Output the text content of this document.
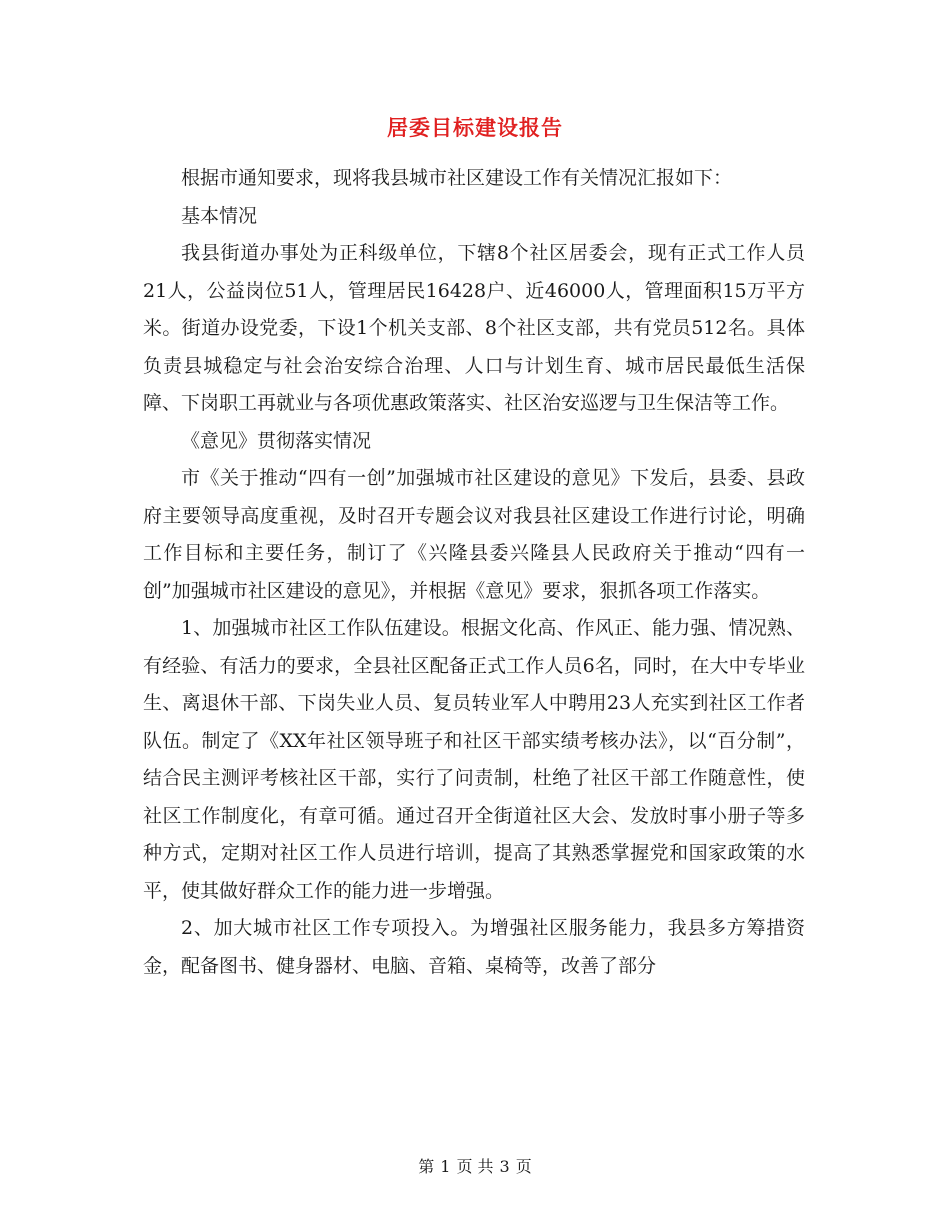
居委目标建设报告

根据市通知要求，现将我县城市社区建设工作有关情况汇报如下：

基本情况

我县街道办事处为正科级单位，下辖8个社区居委会，现有正式工作人员21人，公益岗位51人，管理居民16428户、近46000人，管理面积15万平方米。街道办设党委，下设1个机关支部、8个社区支部，共有党员512名。具体负责县城稳定与社会治安综合治理、人口与计划生育、城市居民最低生活保障、下岗职工再就业与各项优惠政策落实、社区治安巡逻与卫生保洁等工作。

《意见》贯彻落实情况

市《关于推动“四有一创”加强城市社区建设的意见》下发后，县委、县政府主要领导高度重视，及时召开专题会议对我县社区建设工作进行讨论，明确工作目标和主要任务，制订了《兴隆县委兴隆县人民政府关于推动“四有一创”加强城市社区建设的意见》，并根据《意见》要求，狠抓各项工作落实。

1、加强城市社区工作队伍建设。根据文化高、作风正、能力强、情况熟、有经验、有活力的要求，全县社区配备正式工作人员6名，同时，在大中专毕业生、离退休干部、下岗失业人员、复员转业军人中聘用23人充实到社区工作者队伍。制定了《XX年社区领导班子和社区干部实绩考核办法》，以“百分制”，结合民主测评考核社区干部，实行了问责制，杜绝了社区干部工作随意性，使社区工作制度化，有章可循。通过召开全街道社区大会、发放时事小册子等多种方式，定期对社区工作人员进行培训，提高了其熟悉掌握党和国家政策的水平，使其做好群众工作的能力进一步增强。

2、加大城市社区工作专项投入。为增强社区服务能力，我县多方筹措资金，配备图书、健身器材、电脑、音箱、桌椅等，改善了部分

第 1 页 共 3 页
